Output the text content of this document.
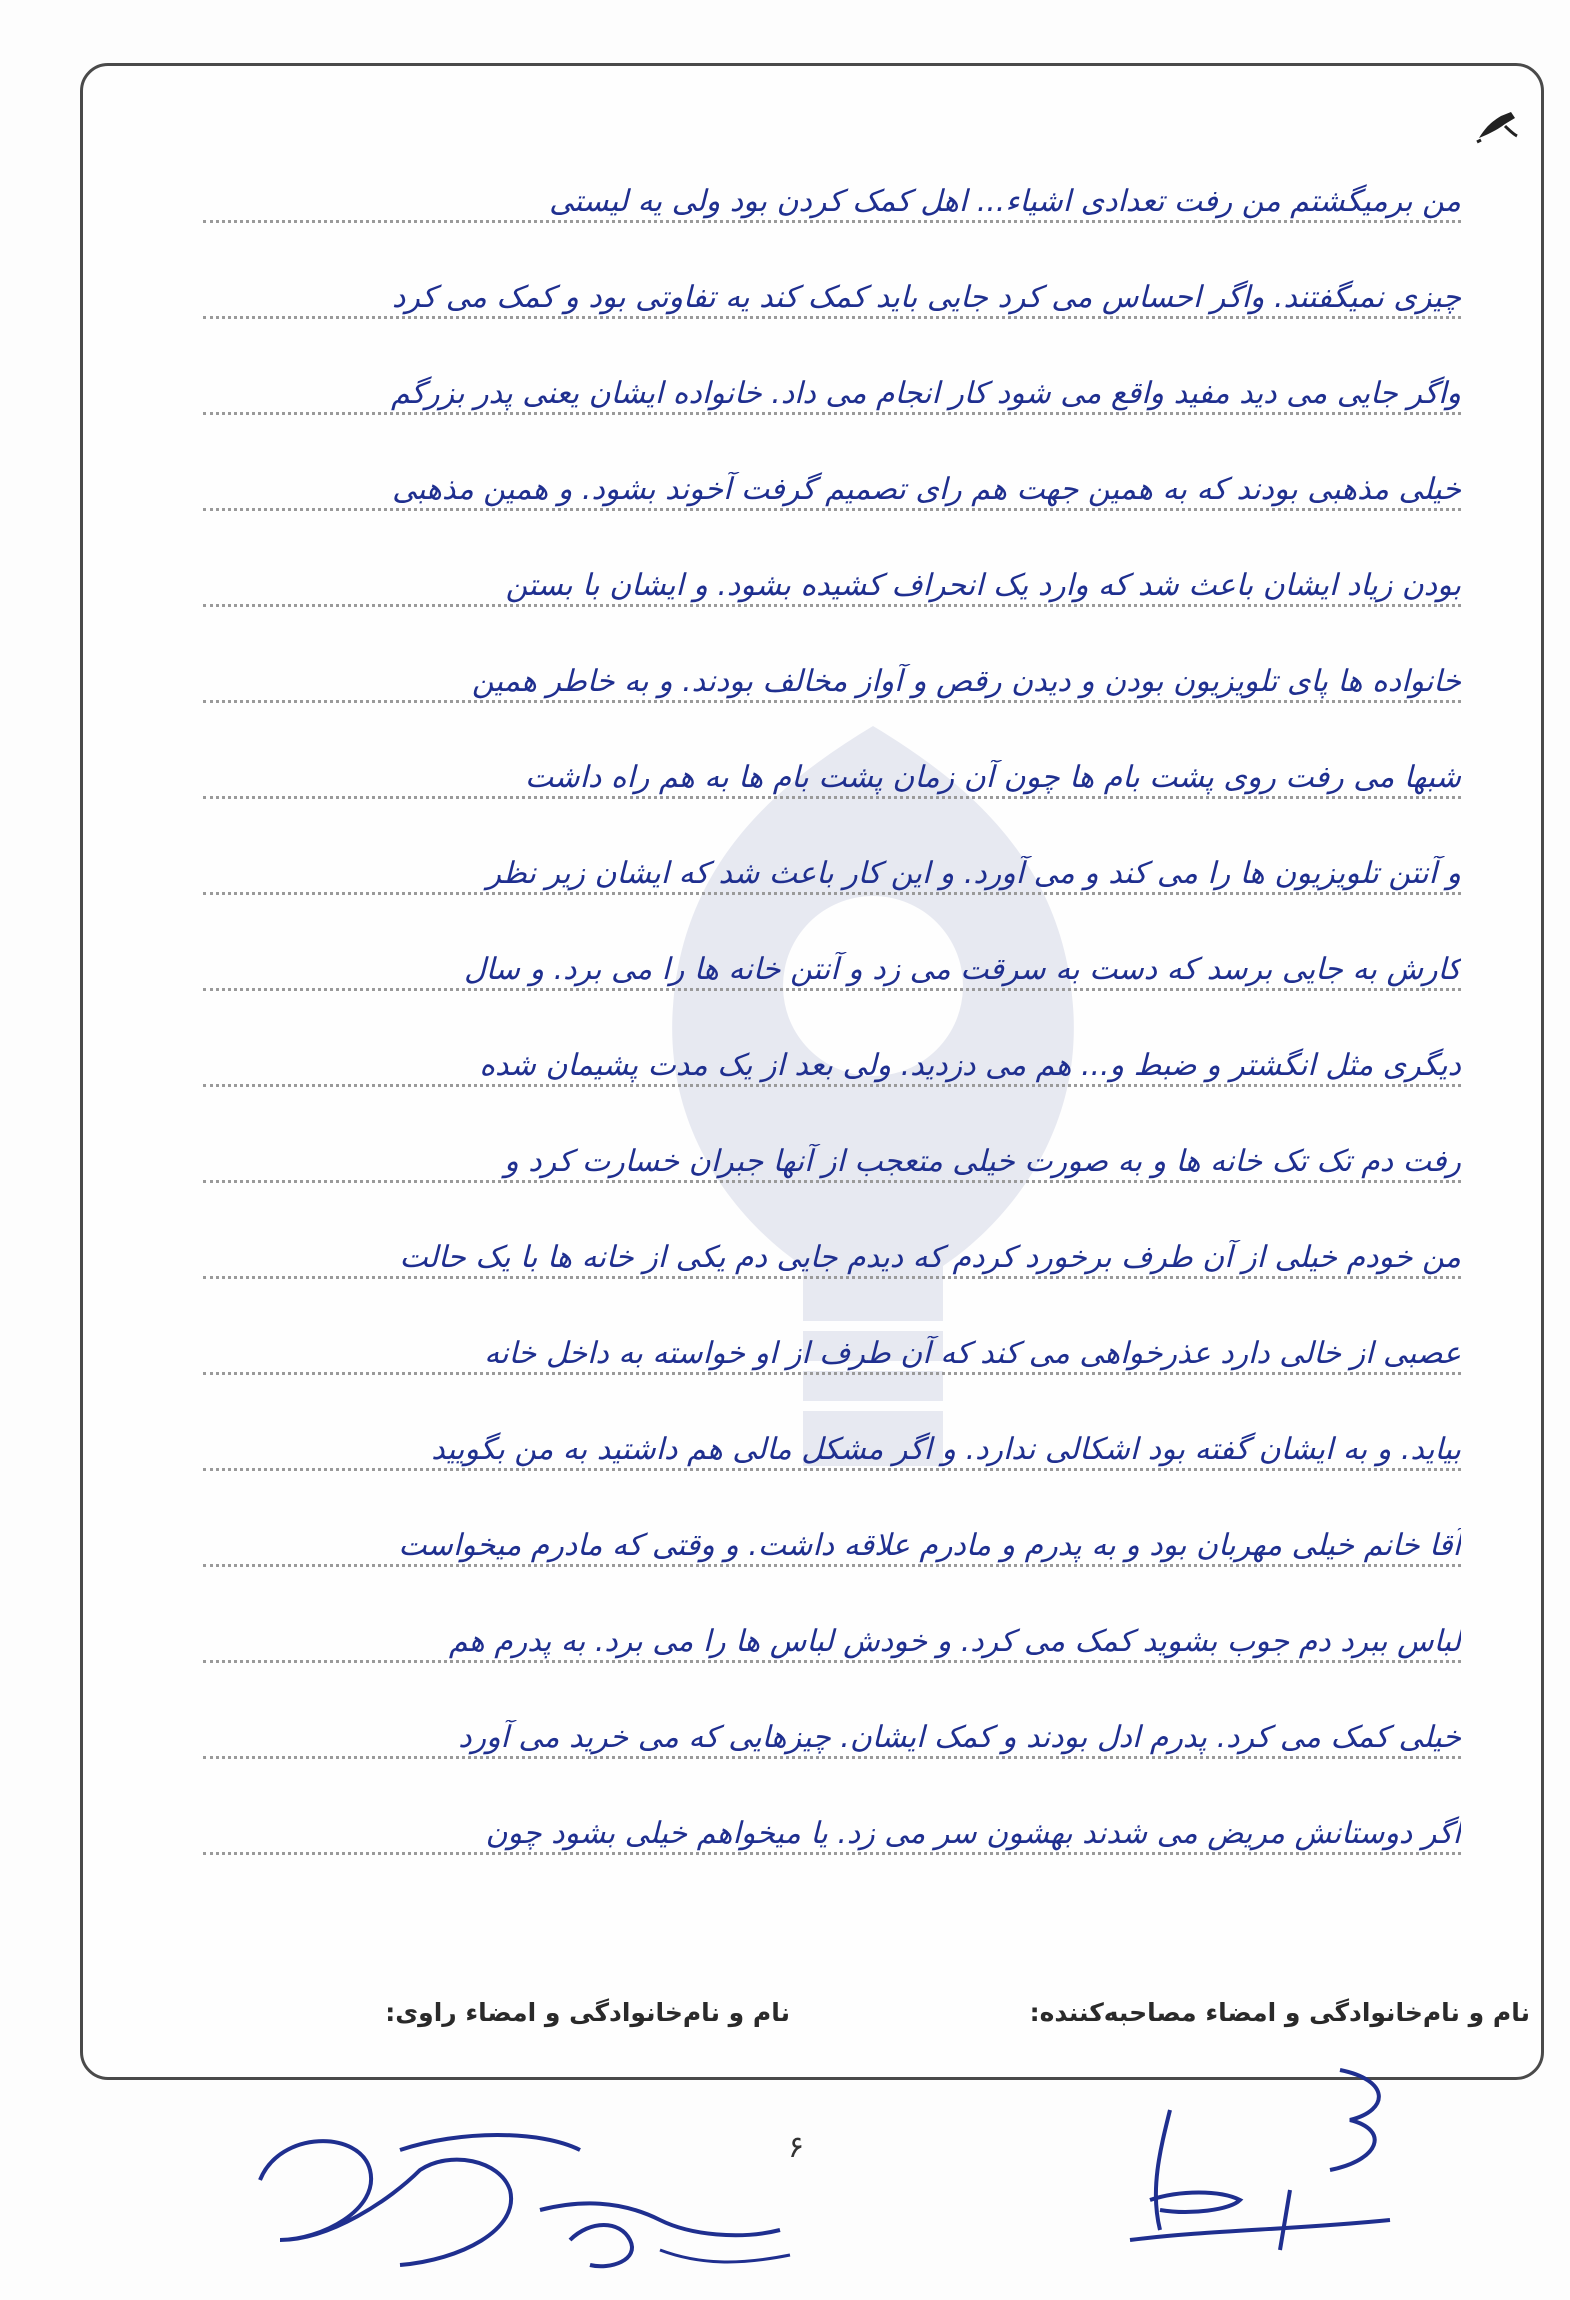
من برمیگشتم من رفت تعدادی اشیاء... اهل کمک کردن بود ولی یه لیستی
چیزی نمیگفتند. واگر احساس می کرد جایی باید کمک کند یه تفاوتی بود و کمک می کرد
واگر جایی می دید مفید واقع می شود کار انجام می داد. خانواده ایشان یعنی پدر بزرگم
خیلی مذهبی بودند که به همین جهت هم رای تصمیم گرفت آخوند بشود. و همین مذهبی
بودن زیاد ایشان باعث شد که وارد یک انحراف کشیده بشود. و ایشان با بستن
خانواده ها پای تلویزیون بودن و دیدن رقص و آواز مخالف بودند. و به خاطر همین
شبها می رفت روی پشت بام ها چون آن زمان پشت بام ها به هم راه داشت
و آنتن تلویزیون ها را می کند و می آورد. و این کار باعث شد که ایشان زیر نظر
کارش به جایی برسد که دست به سرقت می زد و آنتن خانه ها را می برد. و سال
دیگری مثل انگشتر و ضبط و... هم می دزدید. ولی بعد از یک مدت پشیمان شده
رفت دم تک تک خانه ها و به صورت خیلی متعجب از آنها جبران خسارت کرد و
من خودم خیلی از آن طرف برخورد کردم که دیدم جایی دم یکی از خانه ها با یک حالت
عصبی از خالی دارد عذرخواهی می کند که آن طرف از او خواسته به داخل خانه
بیاید. و به ایشان گفته بود اشکالی ندارد. و اگر مشکل مالی هم داشتید به من بگویید
آقا خانم خیلی مهربان بود و به پدرم و مادرم علاقه داشت. و وقتی که مادرم میخواست
لباس ببرد دم جوب بشوید کمک می کرد. و خودش لباس ها را می برد. به پدرم هم
خیلی کمک می کرد. پدرم ادل بودند و کمک ایشان. چیزهایی که می خرید می آورد
اگر دوستانش مریض می شدند بهشون سر می زد. یا میخواهم خیلی بشود چون
نام و نام‌خانوادگی و امضاء مصاحبه‌کننده:
نام و نام‌خانوادگی و امضاء راوی:
۶
